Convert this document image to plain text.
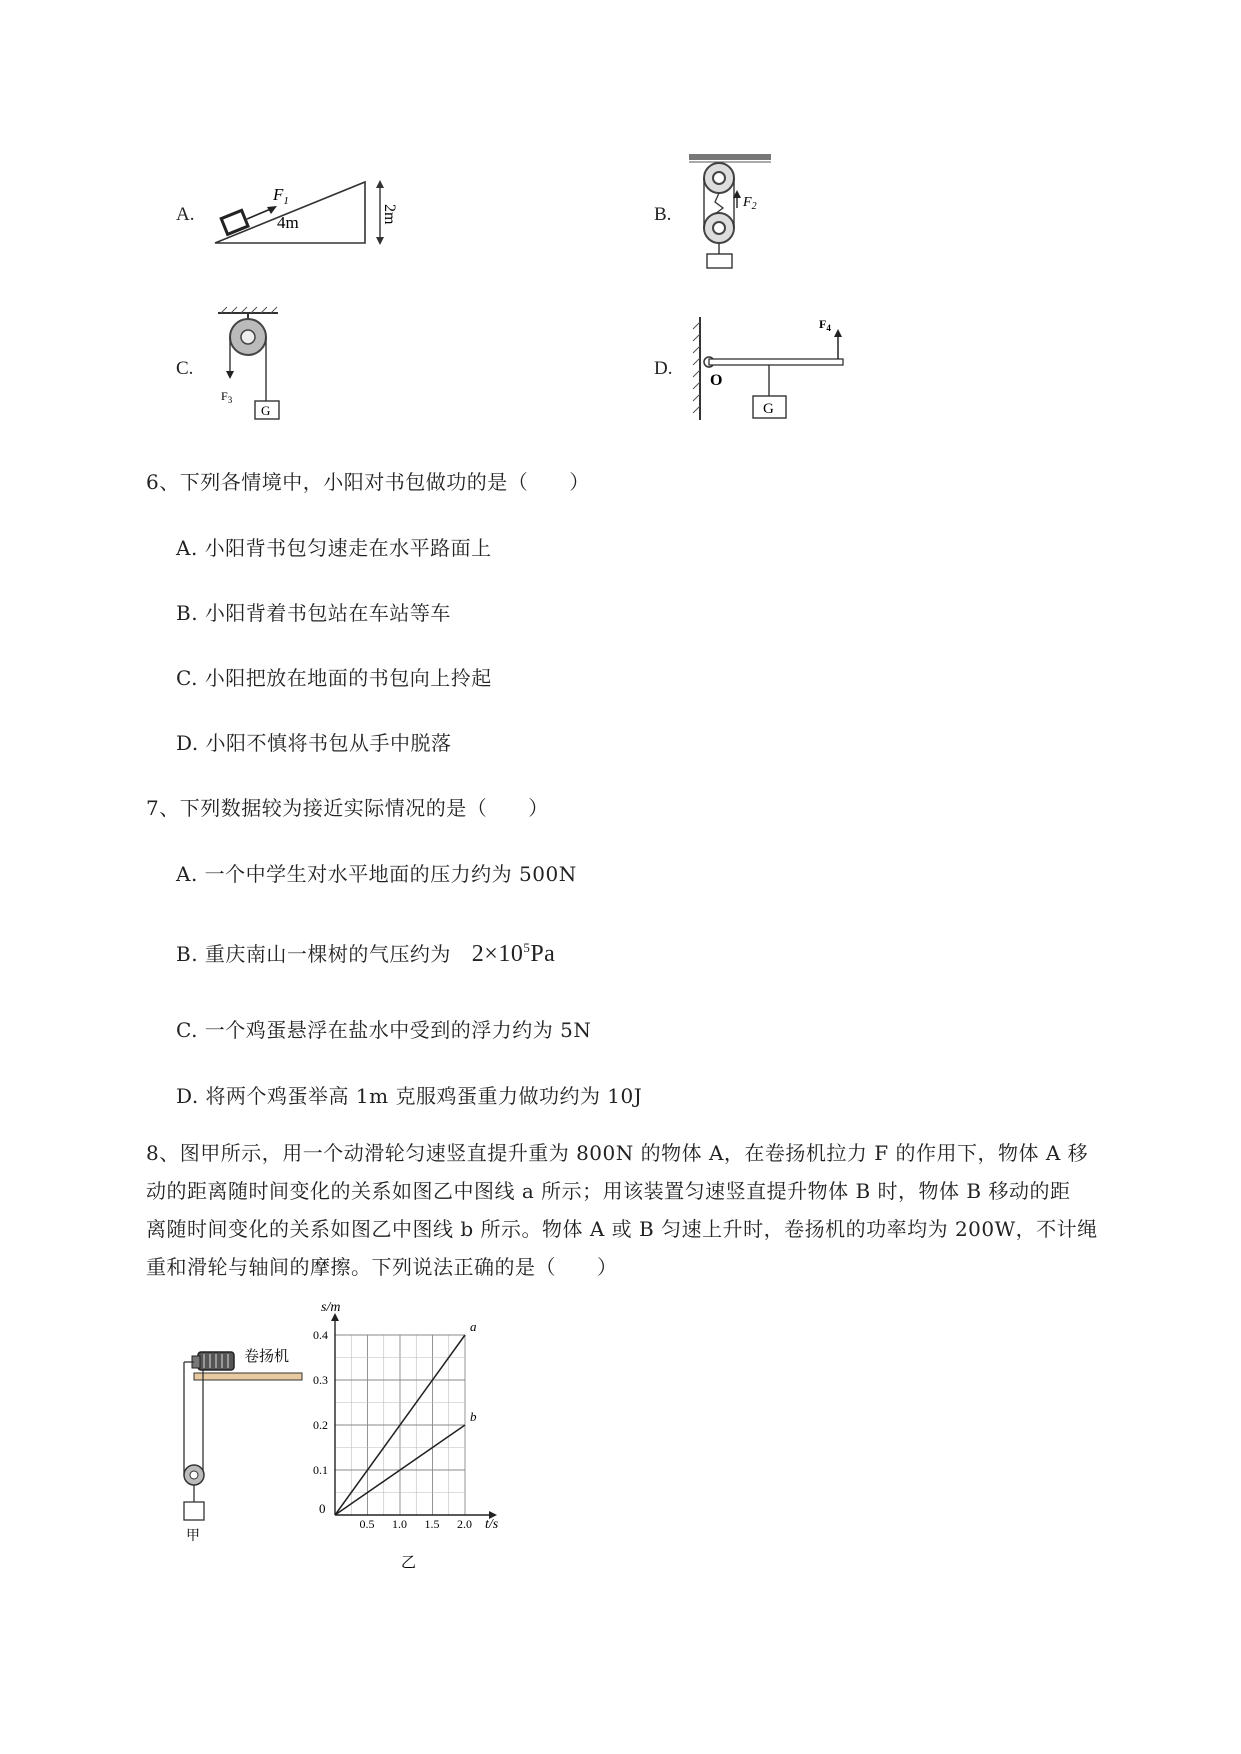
A.
$F_1$
4m	2m	B.
$F_2$
C.
$F_3$
G
D.
O
$F_4$
G
6、下列各情境中，小阳对书包做功的是（　　）
A. 小阳背书包匀速走在水平路面上
B. 小阳背着书包站在车站等车
C. 小阳把放在地面的书包向上拎起
D. 小阳不慎将书包从手中脱落
7、下列数据较为接近实际情况的是（　　）
A. 一个中学生对水平地面的压力约为 500N
B. 重庆南山一棵树的气压约为 $2\times 10^5Pa$
C. 一个鸡蛋悬浮在盐水中受到的浮力约为 5N
D. 将两个鸡蛋举高 1m 克服鸡蛋重力做功约为 10J
8、图甲所示，用一个动滑轮匀速竖直提升重为 800N 的物体 A，在卷扬机拉力 F 的作用下，物体 A 移
动的距离随时间变化的关系如图乙中图线 a 所示；用该装置匀速竖直提升物体 B 时，物体 B 移动的距
离随时间变化的关系如图乙中图线 b 所示。物体 A 或 B 匀速上升时，卷扬机的功率均为 200W，不计绳
重和滑轮与轴间的摩擦。下列说法正确的是（　　）
卷扬机
甲
0.5 1.0 1.5 2.0
0.1
0.2
0.3
0.4
a
b
t/s
s/m
0
乙
